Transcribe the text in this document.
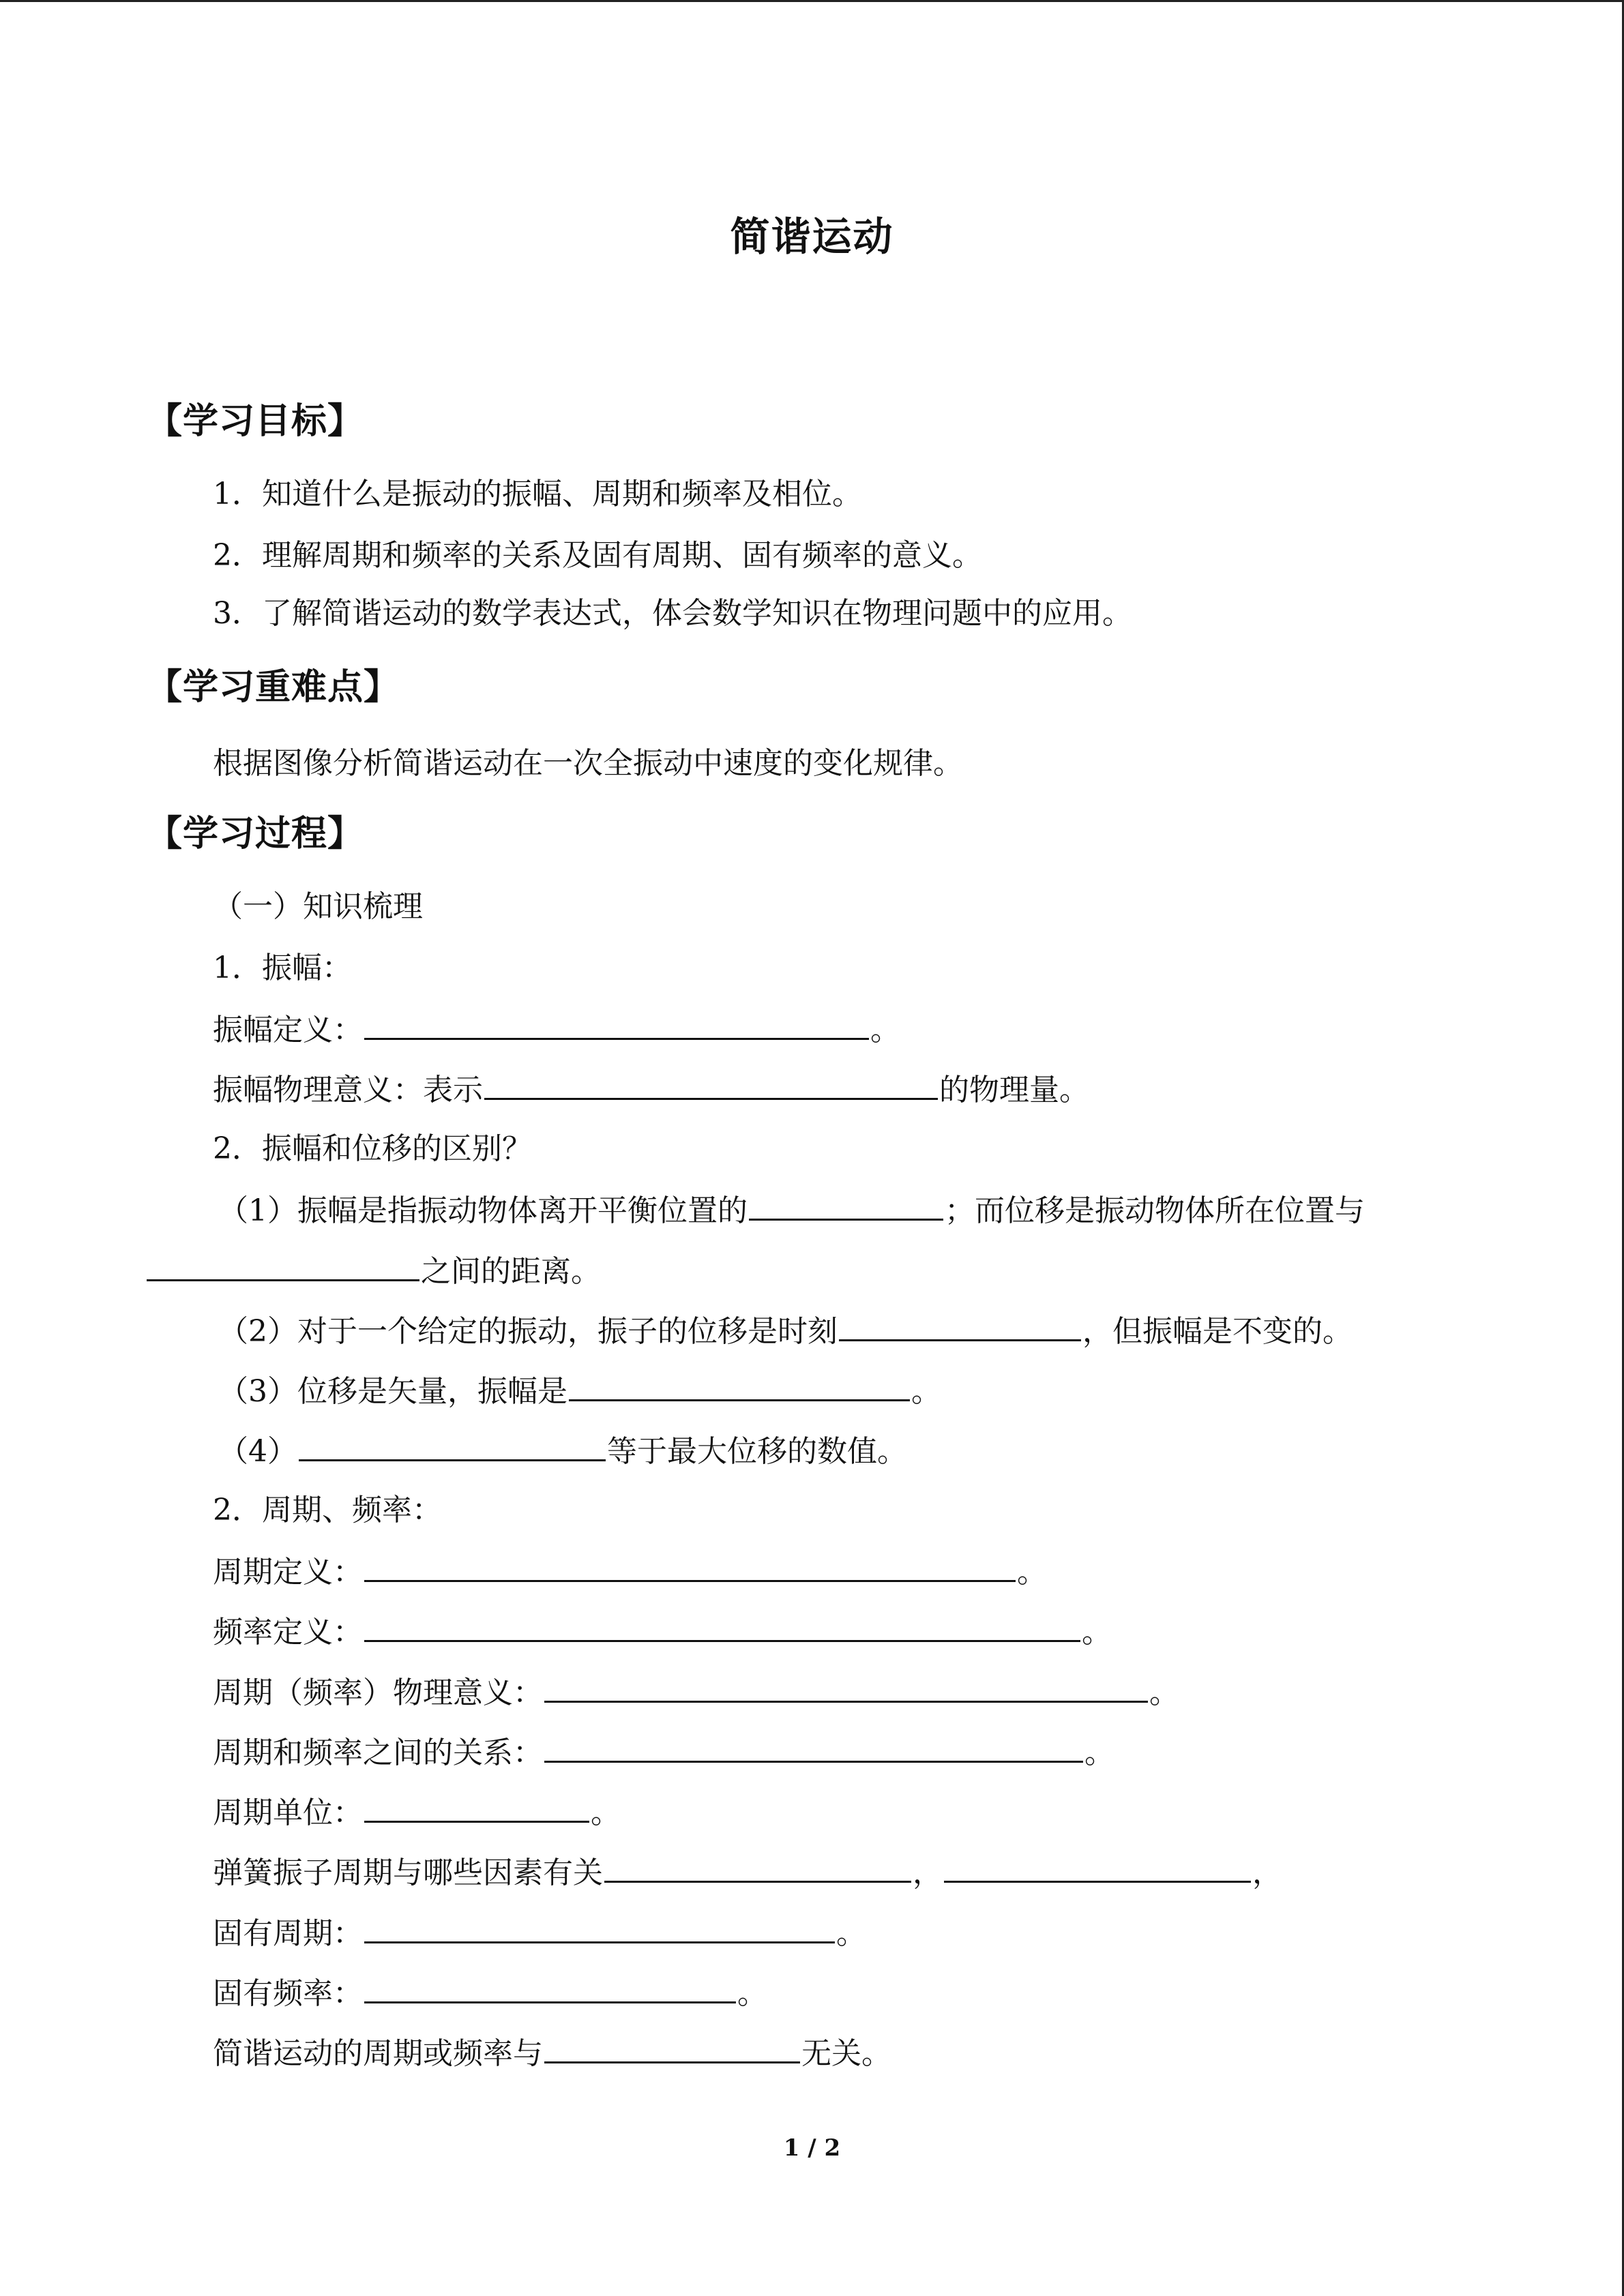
简谐运动
【学习目标】
1．知道什么是振动的振幅、周期和频率及相位。
2．理解周期和频率的关系及固有周期、固有频率的意义。
3．了解简谐运动的数学表达式，体会数学知识在物理问题中的应用。
【学习重难点】
根据图像分析简谐运动在一次全振动中速度的变化规律。
【学习过程】
（一）知识梳理
1．振幅：
振幅定义：	。
振幅物理意义：表示	的物理量。
2．振幅和位移的区别？
（1）振幅是指振动物体离开平衡位置的	；而位移是振动物体所在位置与
之间的距离。
（2）对于一个给定的振动，振子的位移是时刻	，但振幅是不变的。
（3）位移是矢量，振幅是	。
（4）	等于最大位移的数值。
2．周期、频率：
周期定义：	。
频率定义：	。
周期（频率）物理意义：	。
周期和频率之间的关系：	。
周期单位：	。
弹簧振子周期与哪些因素有关	，	，
固有周期：	。
固有频率：	。
简谐运动的周期或频率与	无关。
1 / 2
